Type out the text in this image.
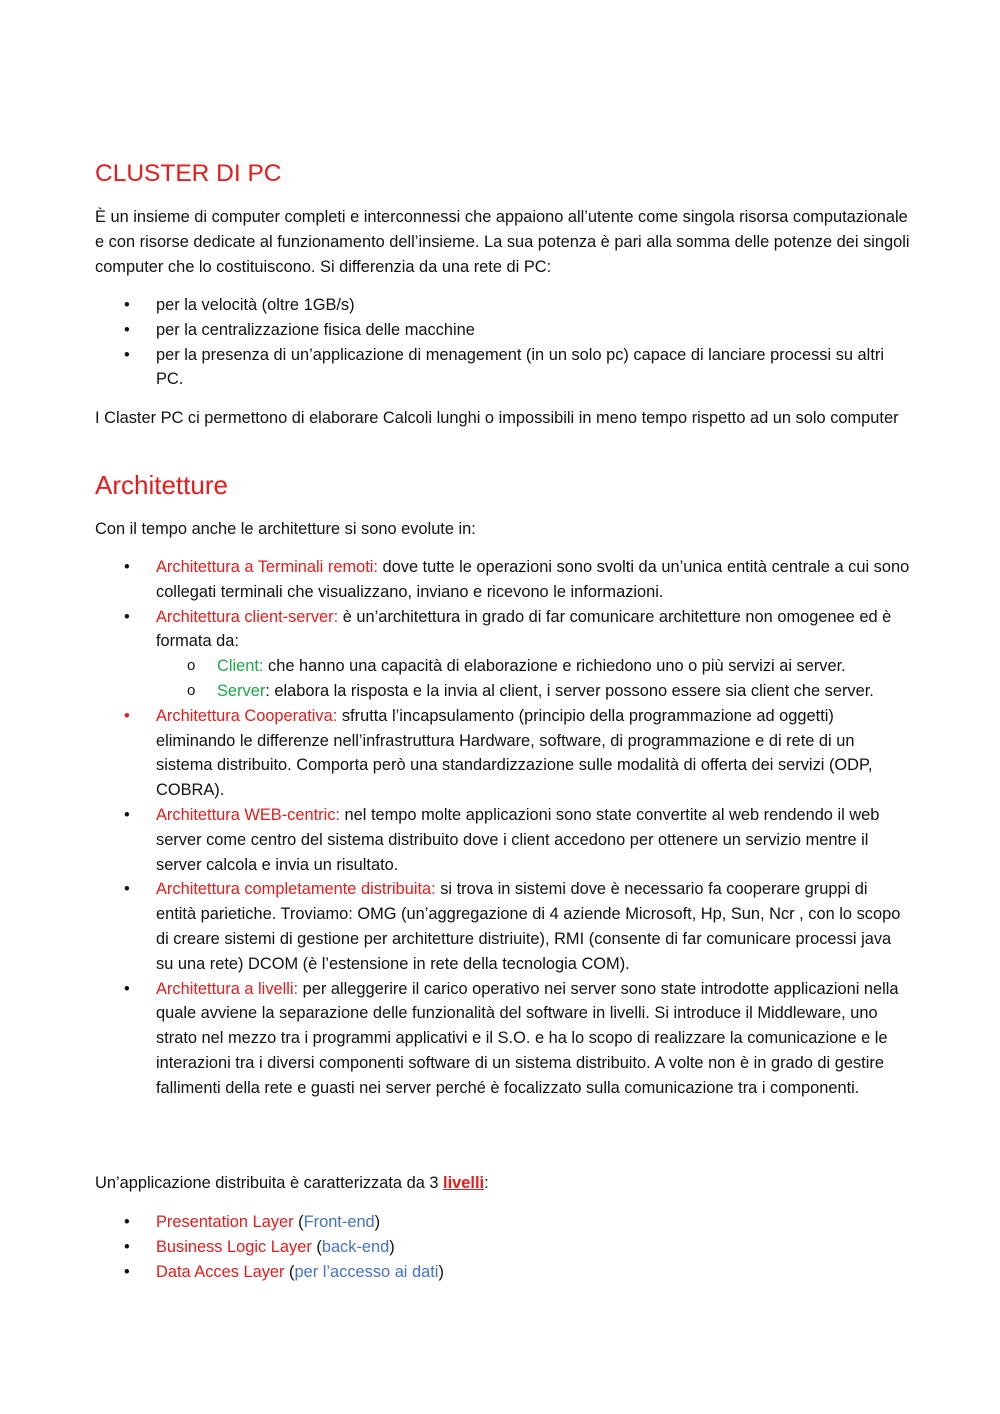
CLUSTER DI PC

È un insieme di computer completi e interconnessi che appaiono all’utente come singola risorsa computazionale e con risorse dedicate al funzionamento dell’insieme. La sua potenza è pari alla somma delle potenze dei singoli computer che lo costituiscono. Si differenzia da una rete di PC:

• per la velocità (oltre 1GB/s)
• per la centralizzazione fisica delle macchine
• per la presenza di un’applicazione di menagement (in un solo pc) capace di lanciare processi su altri PC.

I Claster PC ci permettono di elaborare Calcoli lunghi o impossibili in meno tempo rispetto ad un solo computer

Architetture

Con il tempo anche le architetture si sono evolute in:

• Architettura a Terminali remoti: dove tutte le operazioni sono svolti da un’unica entità centrale a cui sono collegati terminali che visualizzano, inviano e ricevono le informazioni.
• Architettura client-server: è un’architettura in grado di far comunicare architetture non omogenee ed è formata da:
o Client: che hanno una capacità di elaborazione e richiedono uno o più servizi ai server.
o Server: elabora la risposta e la invia al client, i server possono essere sia client che server.
• Architettura Cooperativa: sfrutta l’incapsulamento (principio della programmazione ad oggetti) eliminando le differenze nell’infrastruttura Hardware, software, di programmazione e di rete di un sistema distribuito. Comporta però una standardizzazione sulle modalità di offerta dei servizi (ODP, COBRA).
• Architettura WEB-centric: nel tempo molte applicazioni sono state convertite al web rendendo il web server come centro del sistema distribuito dove i client accedono per ottenere un servizio mentre il server calcola e invia un risultato.
• Architettura completamente distribuita: si trova in sistemi dove è necessario fa cooperare gruppi di entità parietiche. Troviamo: OMG (un’aggregazione di 4 aziende Microsoft, Hp, Sun, Ncr , con lo scopo di creare sistemi di gestione per architetture distriuite), RMI (consente di far comunicare processi java su una rete) DCOM (è l’estensione in rete della tecnologia COM).
• Architettura a livelli: per alleggerire il carico operativo nei server sono state introdotte applicazioni nella quale avviene la separazione delle funzionalità del software in livelli. Si introduce il Middleware, uno strato nel mezzo tra i programmi applicativi e il S.O. e ha lo scopo di realizzare la comunicazione e le interazioni tra i diversi componenti software di un sistema distribuito. A volte non è in grado di gestire fallimenti della rete e guasti nei server perché è focalizzato sulla comunicazione tra i componenti.

Un’applicazione distribuita è caratterizzata da 3 livelli:

• Presentation Layer (Front-end)
• Business Logic Layer (back-end)
• Data Acces Layer (per l’accesso ai dati)
